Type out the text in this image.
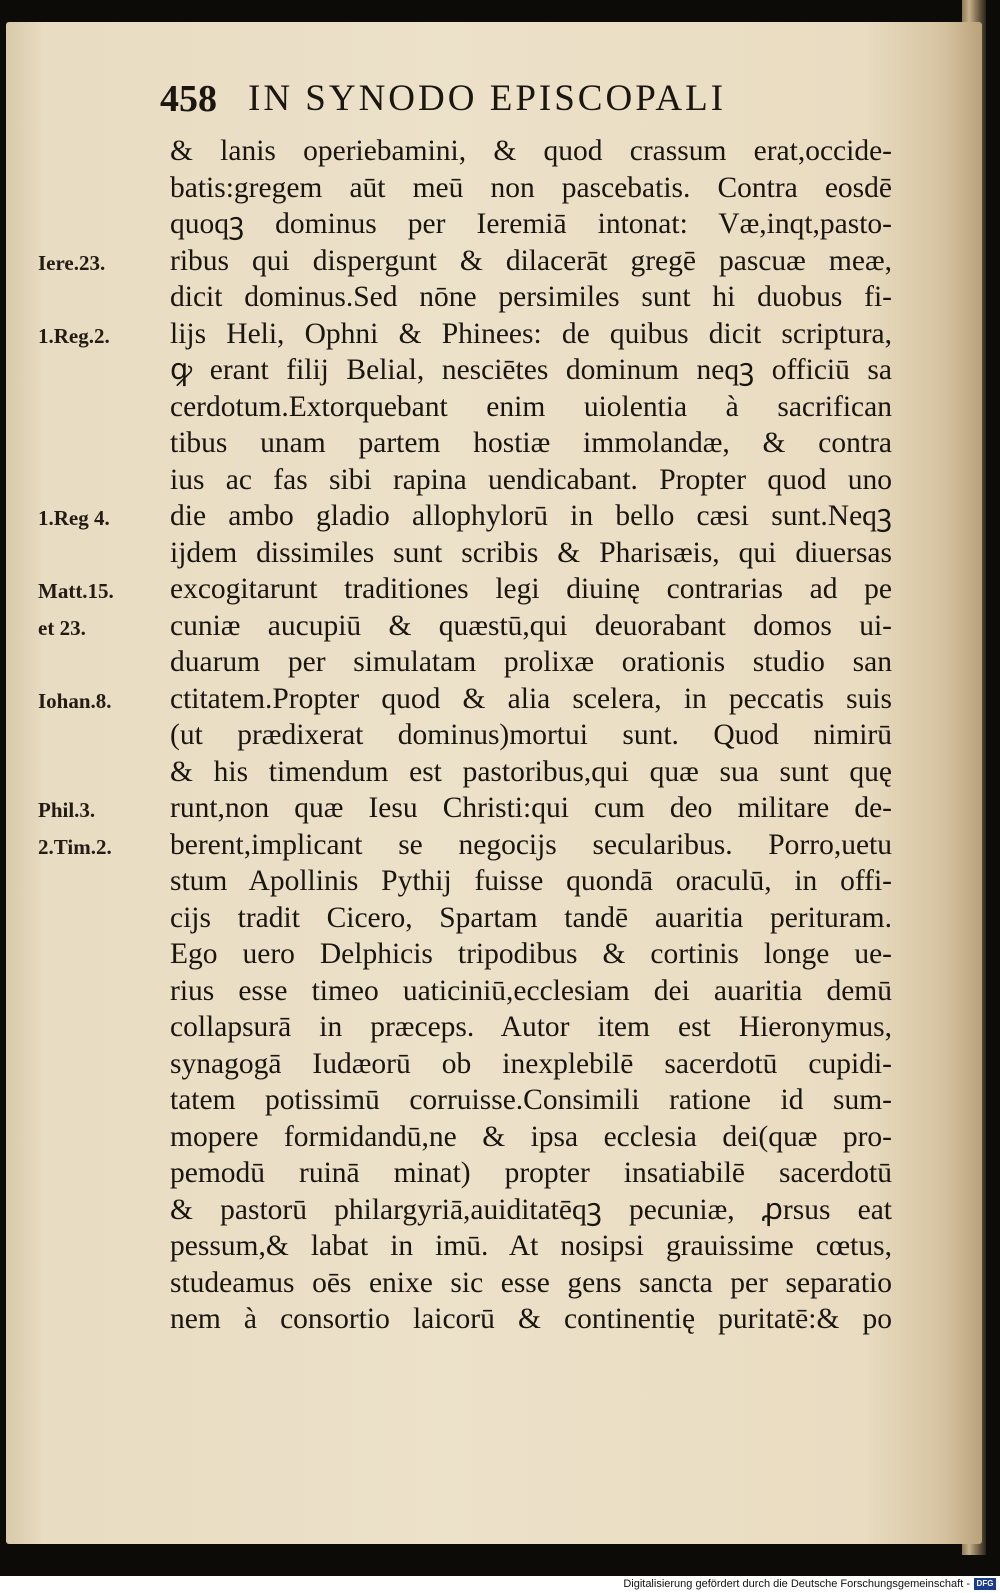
458 IN SYNODO EPISCOPALI
& lanis operiebamini, & quod crassum erat,occide-
batis:gregem aūt meū non pascebatis. Contra eosdē
quoqꝫ dominus per Ieremiā intonat: Væ,inqt,pasto-
ribus qui dispergunt & dilacerāt gregē pascuæ meæ,
dicit dominus.Sed nōne persimiles sunt hi duobus fi-
lijs Heli, Ophni & Phinees: de quibus dicit scriptura,
ꝙ erant filij Belial, nesciētes dominum neqꝫ officiū sa
cerdotum.Extorquebant enim uiolentia à sacrifican
tibus unam partem hostiæ immolandæ, & contra
ius ac fas sibi rapina uendicabant. Propter quod uno
die ambo gladio allophylorū in bello cæsi sunt.Neqꝫ
ijdem dissimiles sunt scribis & Pharisæis, qui diuersas
excogitarunt traditiones legi diuinę contrarias ad pe
cuniæ aucupiū & quæstū,qui deuorabant domos ui-
duarum per simulatam prolixæ orationis studio san
ctitatem.Propter quod & alia scelera, in peccatis suis
(ut prædixerat dominus)mortui sunt. Quod nimirū
& his timendum est pastoribus,qui quæ sua sunt quę
runt,non quæ Iesu Christi:qui cum deo militare de-
berent,implicant se negocijs secularibus. Porro,uetu
stum Apollinis Pythij fuisse quondā oraculū, in offi-
cijs tradit Cicero, Spartam tandē auaritia perituram.
Ego uero Delphicis tripodibus & cortinis longe ue-
rius esse timeo uaticiniū,ecclesiam dei auaritia demū
collapsurā in præceps. Autor item est Hieronymus,
synagogā Iudæorū ob inexplebilē sacerdotū cupidi-
tatem potissimū corruisse.Consimili ratione id sum-
mopere formidandū,ne & ipsa ecclesia dei(quæ pro-
pemodū ruinā minat) propter insatiabilē sacerdotū
& pastorū philargyriā,auiditatēqꝫ pecuniæ, ꝓrsus eat
pessum,& labat in imū. At nosipsi grauissime cœtus,
studeamus oēs enixe sic esse gens sancta per separatio
nem à consortio laicorū & continentię puritatē:& po
Iere.23.
1.Reg.2.
1.Reg 4.
Matt.15.
et 23.
Iohan.8.
Phil.3.
2.Tim.2.
Digitalisierung gefördert durch die Deutsche Forschungsgemeinschaft - DFG
